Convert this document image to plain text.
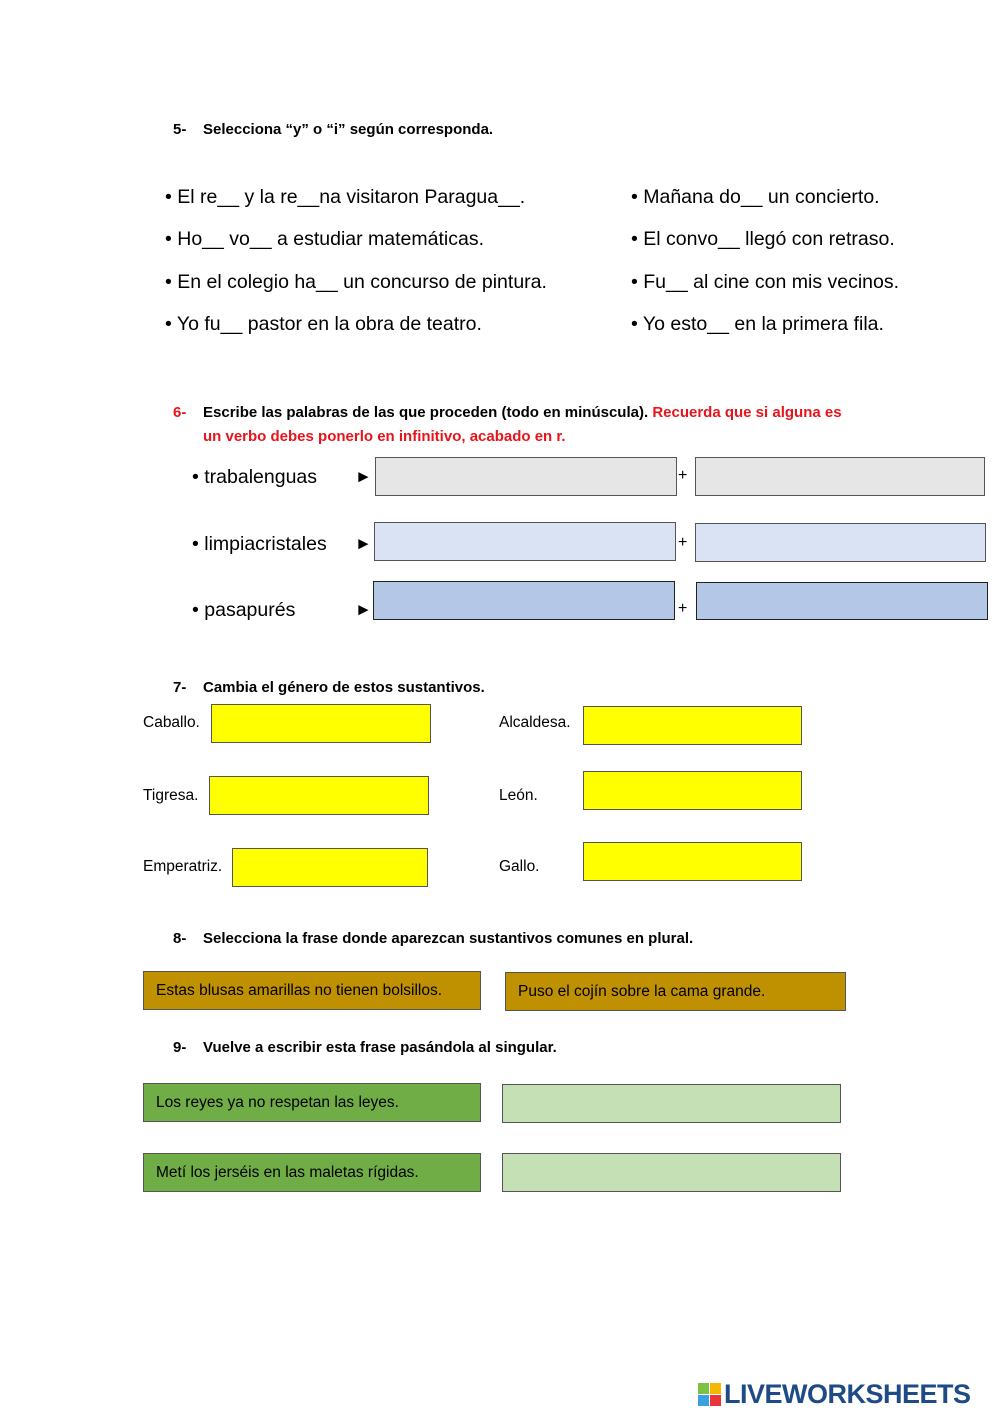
5- Selecciona “y” o “i” según corresponda.
• El re__ y la re__na visitaron Paragua__.
• Ho__ vo__ a estudiar matemáticas.
• En el colegio ha__ un concurso de pintura.
• Yo fu__ pastor en la obra de teatro.
• Mañana do__ un concierto.
• El convo__ llegó con retraso.
• Fu__ al cine con mis vecinos.
• Yo esto__ en la primera fila.
6- Escribe las palabras de las que proceden (todo en minúscula). Recuerda que si alguna es
un verbo debes ponerlo en infinitivo, acabado en r.
• trabalenguas ►	+
• limpiacristales ►	+
• pasapurés	►	+
7- Cambia el género de estos sustantivos.
Caballo.
Tigresa.
Emperatriz.
Alcaldesa.
León.
Gallo.
8- Selecciona la frase donde aparezcan sustantivos comunes en plural.
Estas blusas amarillas no tienen bolsillos.	Puso el cojín sobre la cama grande.
9- Vuelve a escribir esta frase pasándola al singular.
Los reyes ya no respetan las leyes.
Metí los jerséis en las maletas rígidas.
LIVEWORKSHEETS
